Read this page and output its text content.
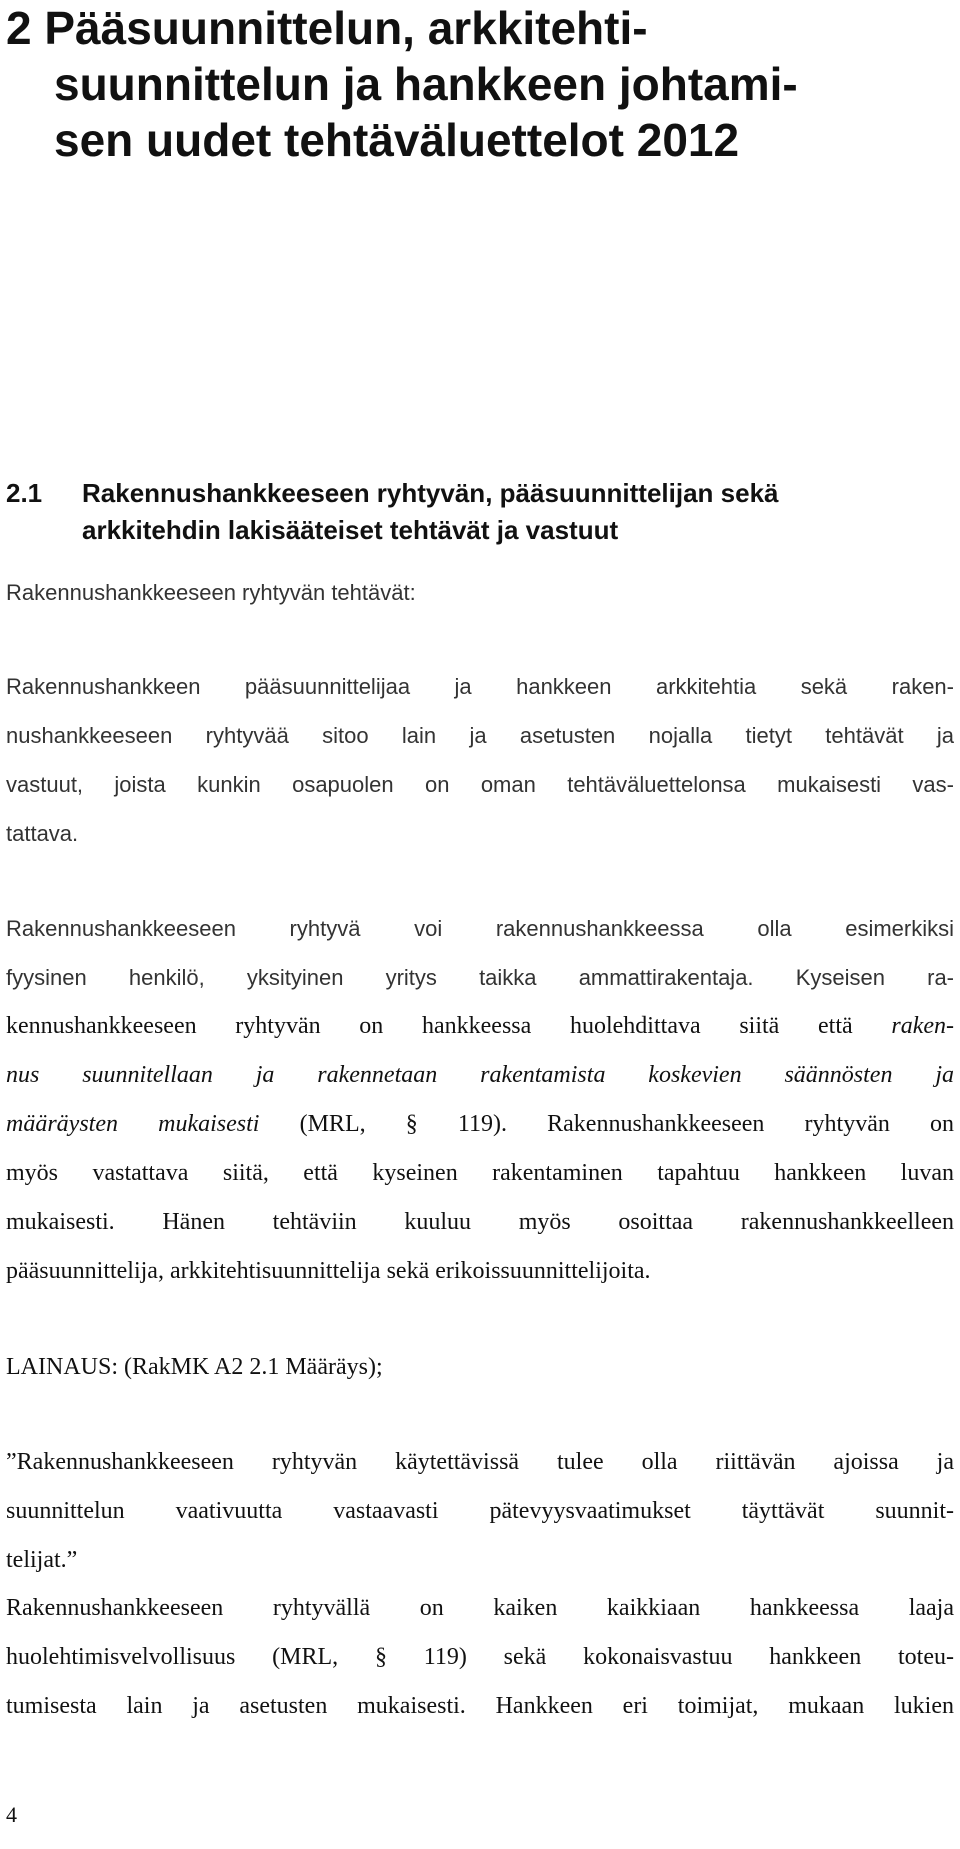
2 Pääsuunnittelun, arkkitehti-
suunnittelun ja hankkeen johtami-
sen uudet tehtäväluettelot 2012
2.1 Rakennushankkeeseen ryhtyvän, pääsuunnittelijan sekä
arkkitehdin lakisääteiset tehtävät ja vastuut
Rakennushankkeeseen ryhtyvän tehtävät:
Rakennushankkeen pääsuunnittelijaa ja hankkeen arkkitehtia sekä raken-
nushankkeeseen ryhtyvää sitoo lain ja asetusten nojalla tietyt tehtävät ja
vastuut, joista kunkin osapuolen on oman tehtäväluettelonsa mukaisesti vas-
tattava.
Rakennushankkeeseen ryhtyvä voi rakennushankkeessa olla esimerkiksi
fyysinen henkilö, yksityinen yritys taikka ammattirakentaja. Kyseisen ra-
kennushankkeeseen ryhtyvän on hankkeessa huolehdittava siitä että raken-
nus suunnitellaan ja rakennetaan rakentamista koskevien säännösten ja
määräysten mukaisesti (MRL, § 119). Rakennushankkeeseen ryhtyvän on
myös vastattava siitä, että kyseinen rakentaminen tapahtuu hankkeen luvan
mukaisesti. Hänen tehtäviin kuuluu myös osoittaa rakennushankkeelleen
pääsuunnittelija, arkkitehtisuunnittelija sekä erikoissuunnittelijoita.
LAINAUS: (RakMK A2 2.1 Määräys);
”Rakennushankkeeseen ryhtyvän käytettävissä tulee olla riittävän ajoissa ja
suunnittelun vaativuutta vastaavasti pätevyysvaatimukset täyttävät suunnit-
telijat.”
Rakennushankkeeseen ryhtyvällä on kaiken kaikkiaan hankkeessa laaja
huolehtimisvelvollisuus (MRL, § 119) sekä kokonaisvastuu hankkeen toteu-
tumisesta lain ja asetusten mukaisesti. Hankkeen eri toimijat, mukaan lukien
4
